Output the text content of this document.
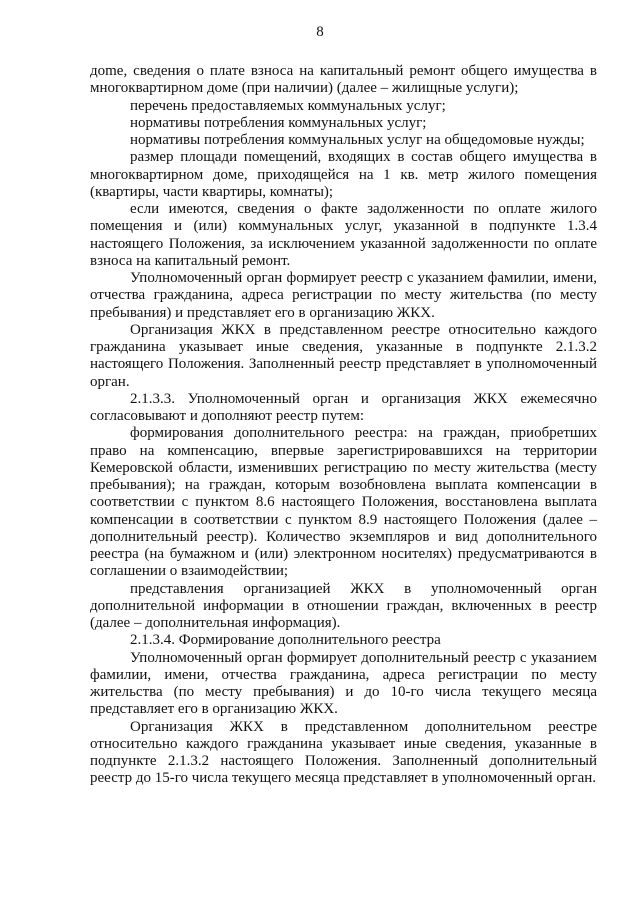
8

дome, сведения о плате взноса на капитальный ремонт общего имущества в многоквартирном доме (при наличии) (далее – жилищные услуги);

перечень предоставляемых коммунальных услуг;

нормативы потребления коммунальных услуг;

нормативы потребления коммунальных услуг на общедомовые нужды;

размер площади помещений, входящих в состав общего имущества в многоквартирном доме, приходящейся на 1 кв. метр жилого помещения (квартиры, части квартиры, комнаты);

если имеются, сведения о факте задолженности по оплате жилого помещения и (или) коммунальных услуг, указанной в подпункте 1.3.4 настоящего Положения, за исключением указанной задолженности по оплате взноса на капитальный ремонт.

Уполномоченный орган формирует реестр с указанием фамилии, имени, отчества гражданина, адреса регистрации по месту жительства (по месту пребывания) и представляет его в организацию ЖКХ.

Организация ЖКХ в представленном реестре относительно каждого гражданина указывает иные сведения, указанные в подпункте 2.1.3.2 настоящего Положения. Заполненный реестр представляет в уполномоченный орган.

2.1.3.3. Уполномоченный орган и организация ЖКХ ежемесячно согласовывают и дополняют реестр путем:

формирования дополнительного реестра: на граждан, приобретших право на компенсацию, впервые зарегистрировавшихся на территории Кемеровской области, изменивших регистрацию по месту жительства (месту пребывания); на граждан, которым возобновлена выплата компенсации в соответствии с пунктом 8.6 настоящего Положения, восстановлена выплата компенсации в соответствии с пунктом 8.9 настоящего Положения (далее – дополнительный реестр). Количество экземпляров и вид дополнительного реестра (на бумажном и (или) электронном носителях) предусматриваются в соглашении о взаимодействии;

представления организацией ЖКХ в уполномоченный орган дополнительной информации в отношении граждан, включенных в реестр (далее – дополнительная информация).

2.1.3.4. Формирование дополнительного реестра

Уполномоченный орган формирует дополнительный реестр с указанием фамилии, имени, отчества гражданина, адреса регистрации по месту жительства (по месту пребывания) и до 10-го числа текущего месяца представляет его в организацию ЖКХ.

Организация ЖКХ в представленном дополнительном реестре относительно каждого гражданина указывает иные сведения, указанные в подпункте 2.1.3.2 настоящего Положения. Заполненный дополнительный реестр до 15-го числа текущего месяца представляет в уполномоченный орган.
